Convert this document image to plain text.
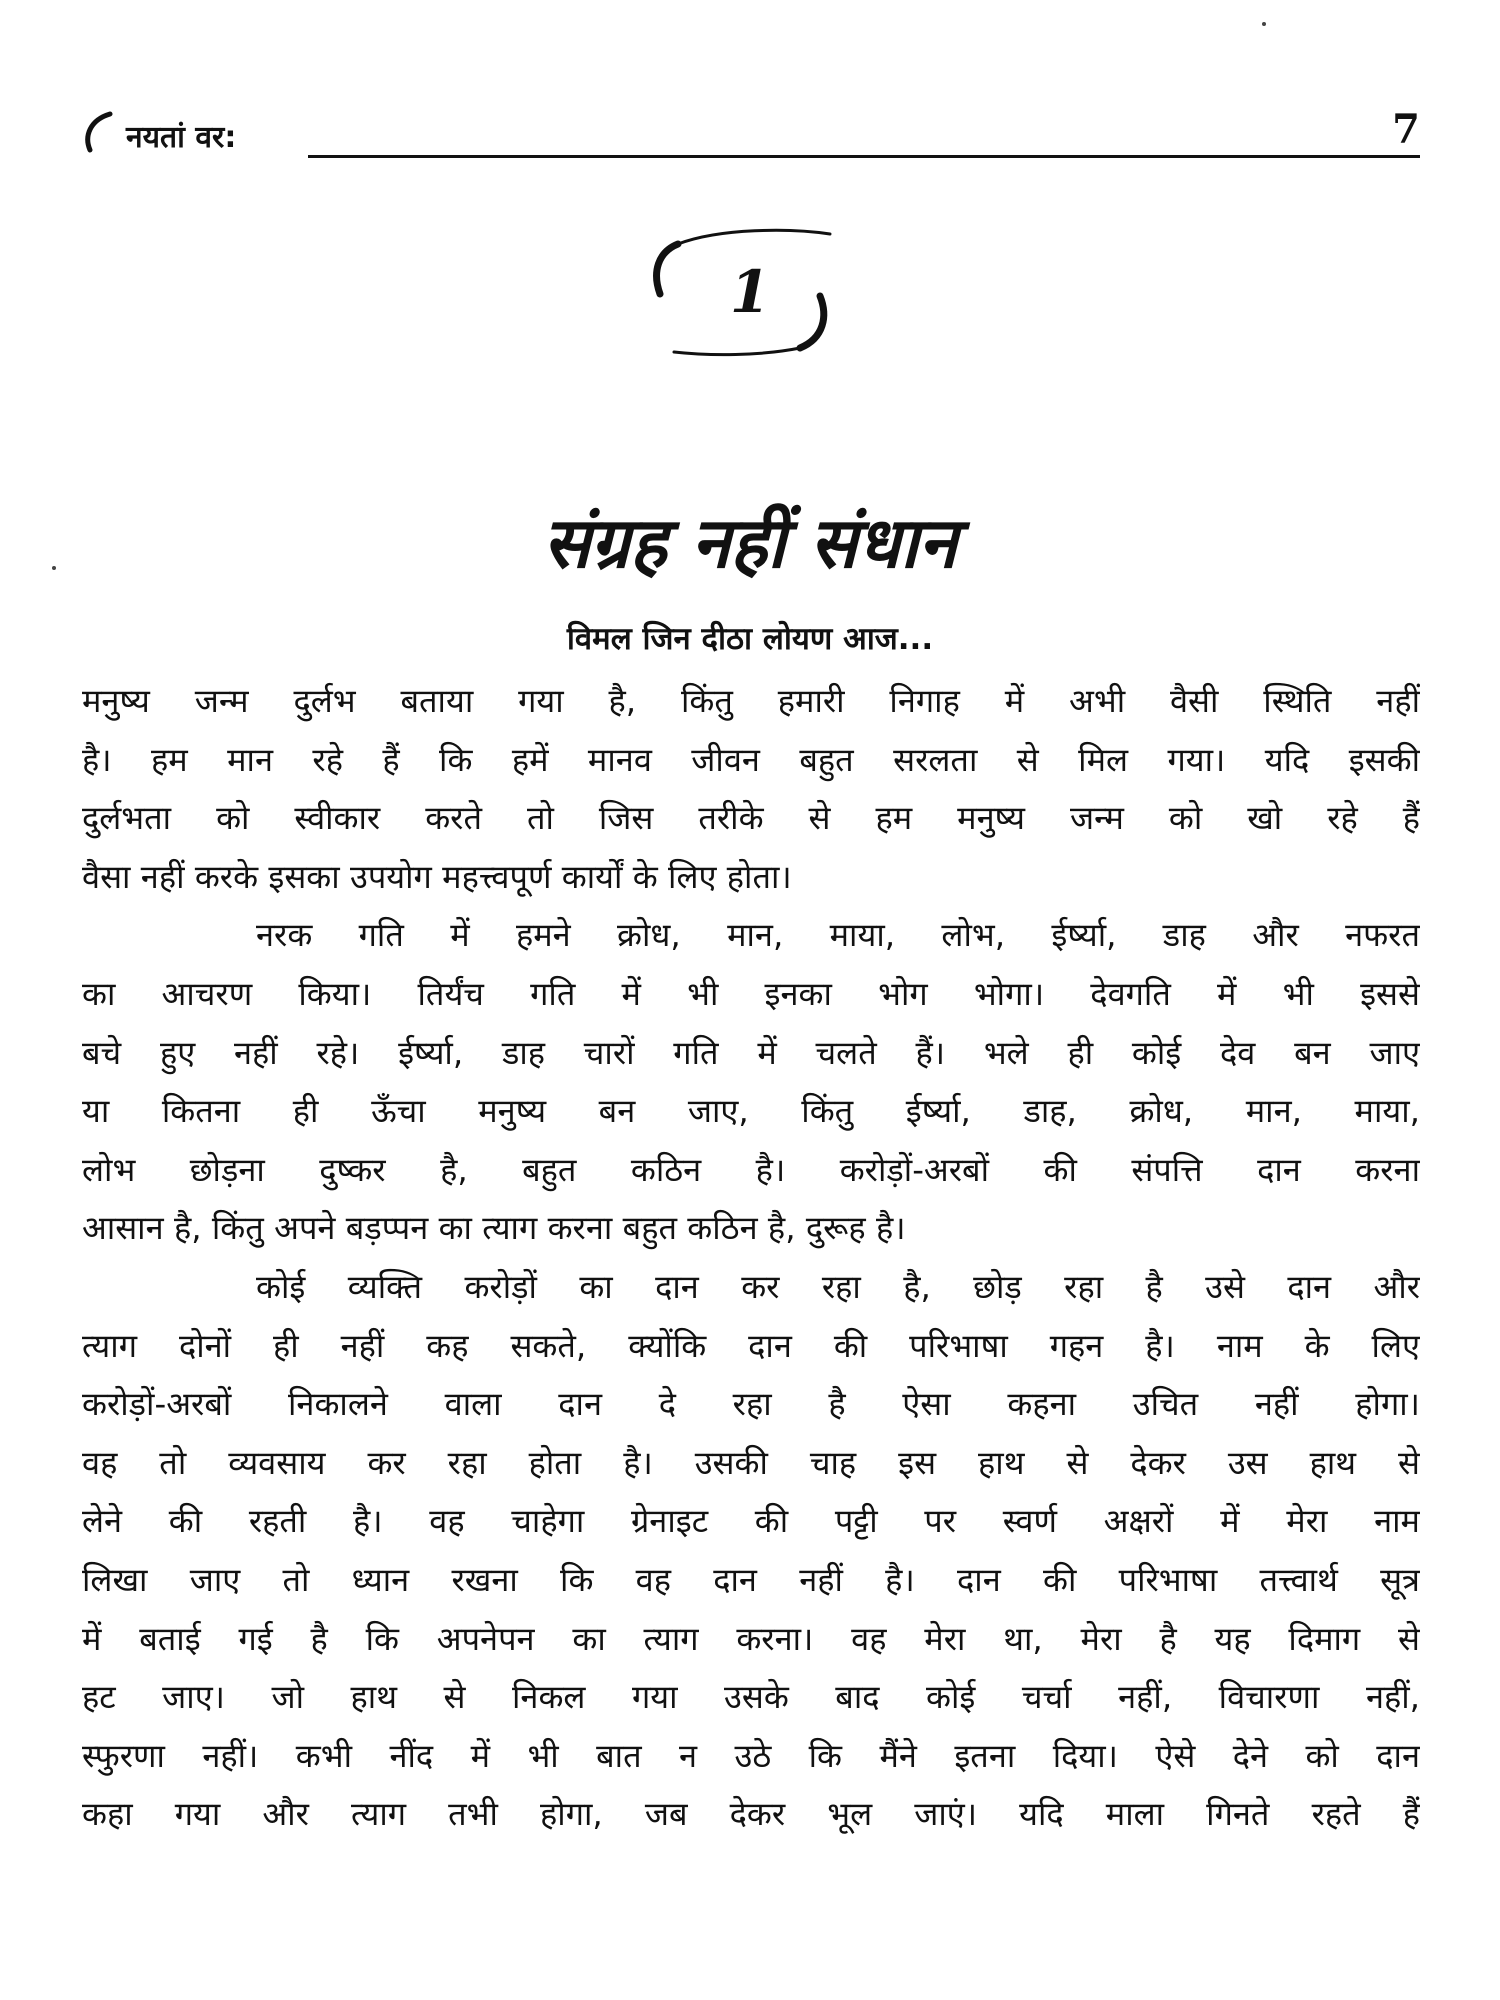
नयतां वर:	7
1
संग्रह नहीं संधान
विमल जिन दीठा लोयण आज...

मनुष्य जन्म दुर्लभ बताया गया है, किंतु हमारी निगाह में अभी वैसी स्थिति नहीं
है। हम मान रहे हैं कि हमें मानव जीवन बहुत सरलता से मिल गया। यदि इसकी
दुर्लभता को स्वीकार करते तो जिस तरीके से हम मनुष्य जन्म को खो रहे हैं
वैसा नहीं करके इसका उपयोग महत्त्वपूर्ण कार्यों के लिए होता।

नरक गति में हमने क्रोध, मान, माया, लोभ, ईर्ष्या, डाह और नफरत
का आचरण किया। तिर्यंच गति में भी इनका भोग भोगा। देवगति में भी इससे
बचे हुए नहीं रहे। ईर्ष्या, डाह चारों गति में चलते हैं। भले ही कोई देव बन जाए
या कितना ही ऊँचा मनुष्य बन जाए, किंतु ईर्ष्या, डाह, क्रोध, मान, माया,
लोभ छोड़ना दुष्कर है, बहुत कठिन है। करोड़ों-अरबों की संपत्ति दान करना
आसान है, किंतु अपने बड़प्पन का त्याग करना बहुत कठिन है, दुरूह है।

कोई व्यक्ति करोड़ों का दान कर रहा है, छोड़ रहा है उसे दान और
त्याग दोनों ही नहीं कह सकते, क्योंकि दान की परिभाषा गहन है। नाम के लिए
करोड़ों-अरबों निकालने वाला दान दे रहा है ऐसा कहना उचित नहीं होगा।
वह तो व्यवसाय कर रहा होता है। उसकी चाह इस हाथ से देकर उस हाथ से
लेने की रहती है। वह चाहेगा ग्रेनाइट की पट्टी पर स्वर्ण अक्षरों में मेरा नाम
लिखा जाए तो ध्यान रखना कि वह दान नहीं है। दान की परिभाषा तत्त्वार्थ सूत्र
में बताई गई है कि अपनेपन का त्याग करना। वह मेरा था, मेरा है यह दिमाग से
हट जाए। जो हाथ से निकल गया उसके बाद कोई चर्चा नहीं, विचारणा नहीं,
स्फुरणा नहीं। कभी नींद में भी बात न उठे कि मैंने इतना दिया। ऐसे देने को दान
कहा गया और त्याग तभी होगा, जब देकर भूल जाएं। यदि माला गिनते रहते हैं
